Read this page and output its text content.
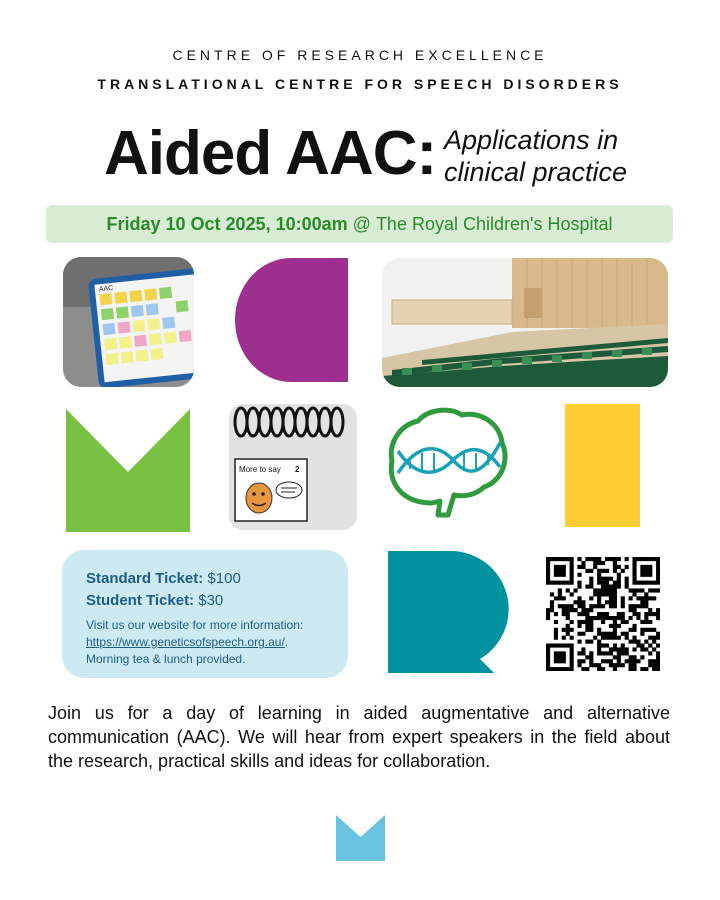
CENTRE OF RESEARCH EXCELLENCE
TRANSLATIONAL CENTRE FOR SPEECH DISORDERS
Aided AAC: Applications in
clinical practice
Friday 10 Oct 2025, 10:00am @ The Royal Children's Hospital
AAC
More to say 2
Standard Ticket: $100
Student Ticket: $30
Visit us our website for more information:
https://www.geneticsofspeech.org.au/.
Morning tea & lunch provided.
Join us for a day of learning in aided augmentative and alternative communication (AAC). We will hear from expert speakers in the field about the research, practical skills and ideas for collaboration.
